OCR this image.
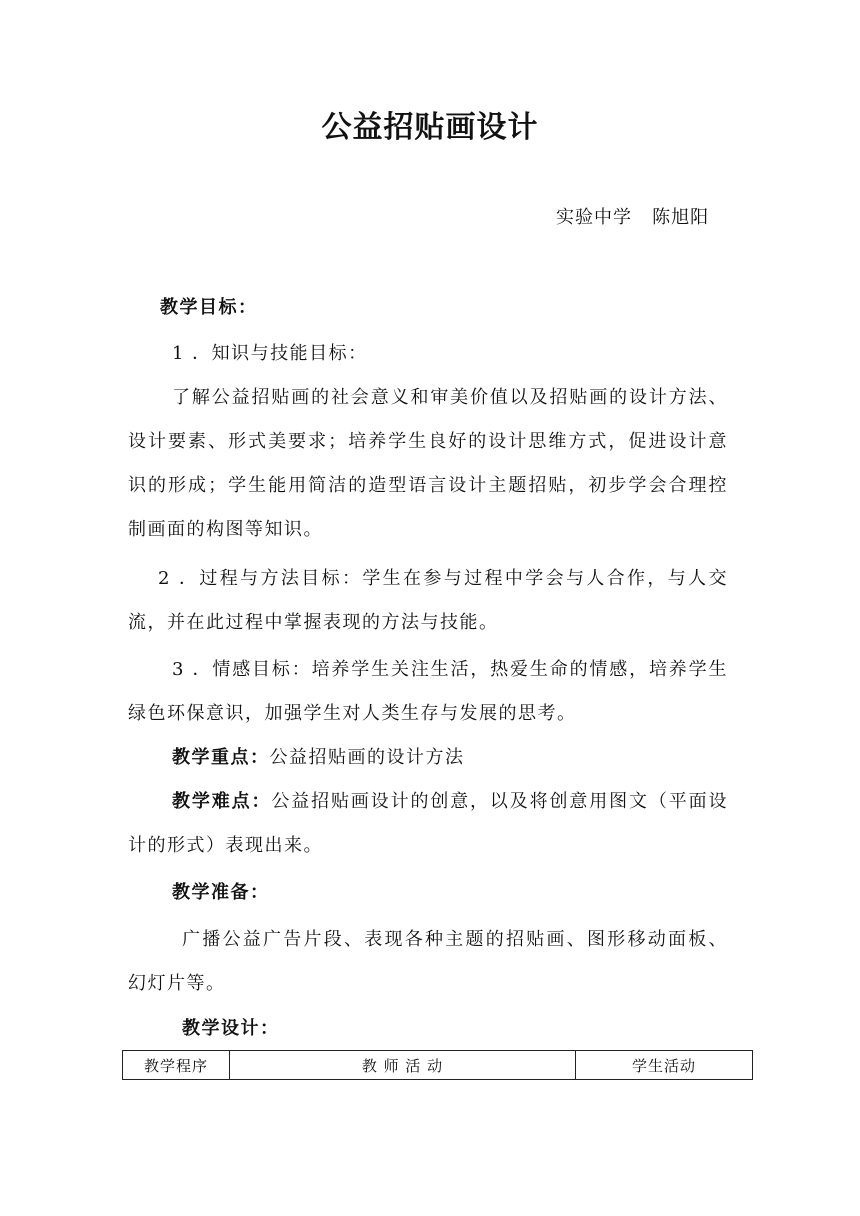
公益招贴画设计
实验中学   陈旭阳
教学目标：
1 ．知识与技能目标：
了解公益招贴画的社会意义和审美价值以及招贴画的设计方法、
设计要素、形式美要求；培养学生良好的设计思维方式，促进设计意
识的形成；学生能用简洁的造型语言设计主题招贴，初步学会合理控
制画面的构图等知识。
2 ．过程与方法目标：学生在参与过程中学会与人合作，与人交
流，并在此过程中掌握表现的方法与技能。
3 ．情感目标：培养学生关注生活，热爱生命的情感，培养学生
绿色环保意识，加强学生对人类生存与发展的思考。
教学重点：公益招贴画的设计方法
教学难点：公益招贴画设计的创意，以及将创意用图文（平面设
计的形式）表现出来。
教学准备：
广播公益广告片段、表现各种主题的招贴画、图形移动面板、
幻灯片等。
教学设计：
教学程序	教 师 活 动	学生活动
